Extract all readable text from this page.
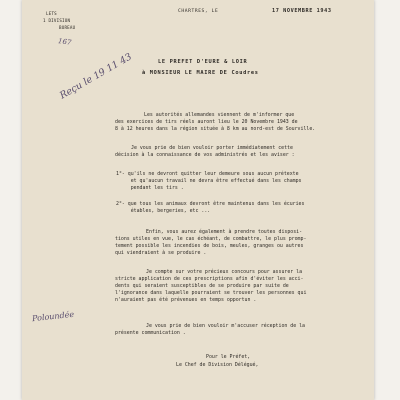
LETS
1 DIVISION
BUREAU
167
CHARTRES, LE	17 NOVEMBRE 1943
Reçu le 19 11 43	LE PREFET D'EURE & LOIR
à MONSIEUR LE MAIRE DE Coudres
Les autorités allemandes viennent de m'informer que
des exercices de tirs réels auront lieu le 20 Novembre 1943 de
8 à 12 heures dans la région située à 8 km au nord-est de Sourville.
Je vous prie de bien vouloir porter immédiatement cette
décision à la connaissance de vos administrés et les aviser :
1°- qu'ils ne devront quitter leur demeure sous aucun prétexte
et qu'aucun travail ne devra être effectué dans les champs
pendant les tirs .
2°- que tous les animaux devront être maintenus dans les écuries
étables, bergeries, etc ...
Enfin, vous aurez également à prendre toutes disposi-
tions utiles en vue, le cas échéant, de combattre, le plus promp-
tement possible les incendies de bois, meules, granges ou autres
qui viendraient à se produire .
Je compte sur votre précieux concours pour assurer la
stricte application de ces prescriptions afin d'éviter les acci-
dents qui seraient susceptibles de se produire par suite de
l'ignorance dans laquelle pourraient se trouver les personnes qui
n'auraient pas été prévenues en temps opportun .
Poloundée
Je vous prie de bien vouloir m'accuser réception de la
présente communication .
Pour le Préfet,
Le Chef de Division Délégué,
